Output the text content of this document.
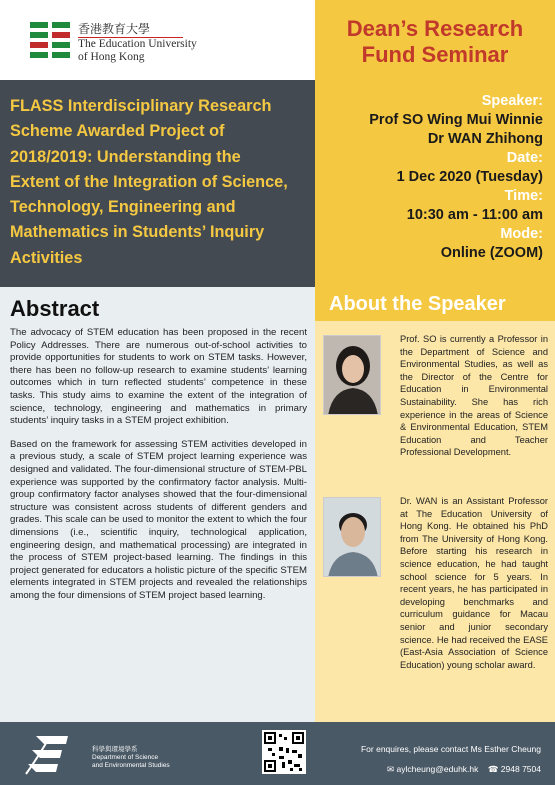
香港教育大學
The Education University
of Hong Kong
Dean’s Research
Fund Seminar
FLASS Interdisciplinary Research
Scheme Awarded Project of
2018/2019: Understanding the
Extent of the Integration of Science,
Technology, Engineering and
Mathematics in Students’ Inquiry
Activities
Speaker:
Prof SO Wing Mui Winnie
Dr WAN Zhihong
Date:
1 Dec 2020 (Tuesday)
Time:
10:30 am - 11:00 am
Mode:
Online (ZOOM)
Abstract

The advocacy of STEM education has been proposed in the recent Policy Addresses. There are numerous out-of-school activities to provide opportunities for students to work on STEM tasks. However, there has been no follow-up research to examine students’ learning outcomes which in turn reflected students’ competence in these tasks. This study aims to examine the extent of the integration of science, technology, engineering and mathematics in primary students’ inquiry tasks in a STEM project exhibition.

Based on the framework for assessing STEM activities developed in a previous study, a scale of STEM project learning experience was designed and validated. The four-dimensional structure of STEM-PBL experience was supported by the confirmatory factor analysis. Multi-group confirmatory factor analyses showed that the four-dimensional structure was consistent across students of different genders and grades. This scale can be used to monitor the extent to which the four dimensions (i.e., scientific inquiry, technological application, engineering design, and mathematical processing) are integrated in the process of STEM project-based learning. The findings in this project generated for educators a holistic picture of the specific STEM elements integrated in STEM projects and revealed the relationships among the four dimensions of STEM project based learning.

About the Speaker

Prof. SO is currently a Professor in the Department of Science and Environmental Studies, as well as the Director of the Centre for Education in Environmental Sustainability. She has rich experience in the areas of Science & Environmental Education, STEM Education and Teacher Professional Development.

Dr. WAN is an Assistant Professor at The Education University of Hong Kong. He obtained his PhD from The University of Hong Kong. Before starting his research in science education, he had taught school science for 5 years. In recent years, he has participated in developing benchmarks and curriculum guidance for Macau senior and junior secondary science. He had received the EASE (East-Asia Association of Science Education) young scholar award.

科學與環境學系
Department of Science
and Environmental Studies
For enquires, please contact Ms Esther Cheung
✉ aylcheung@eduhk.hk ☎ 2948 7504
